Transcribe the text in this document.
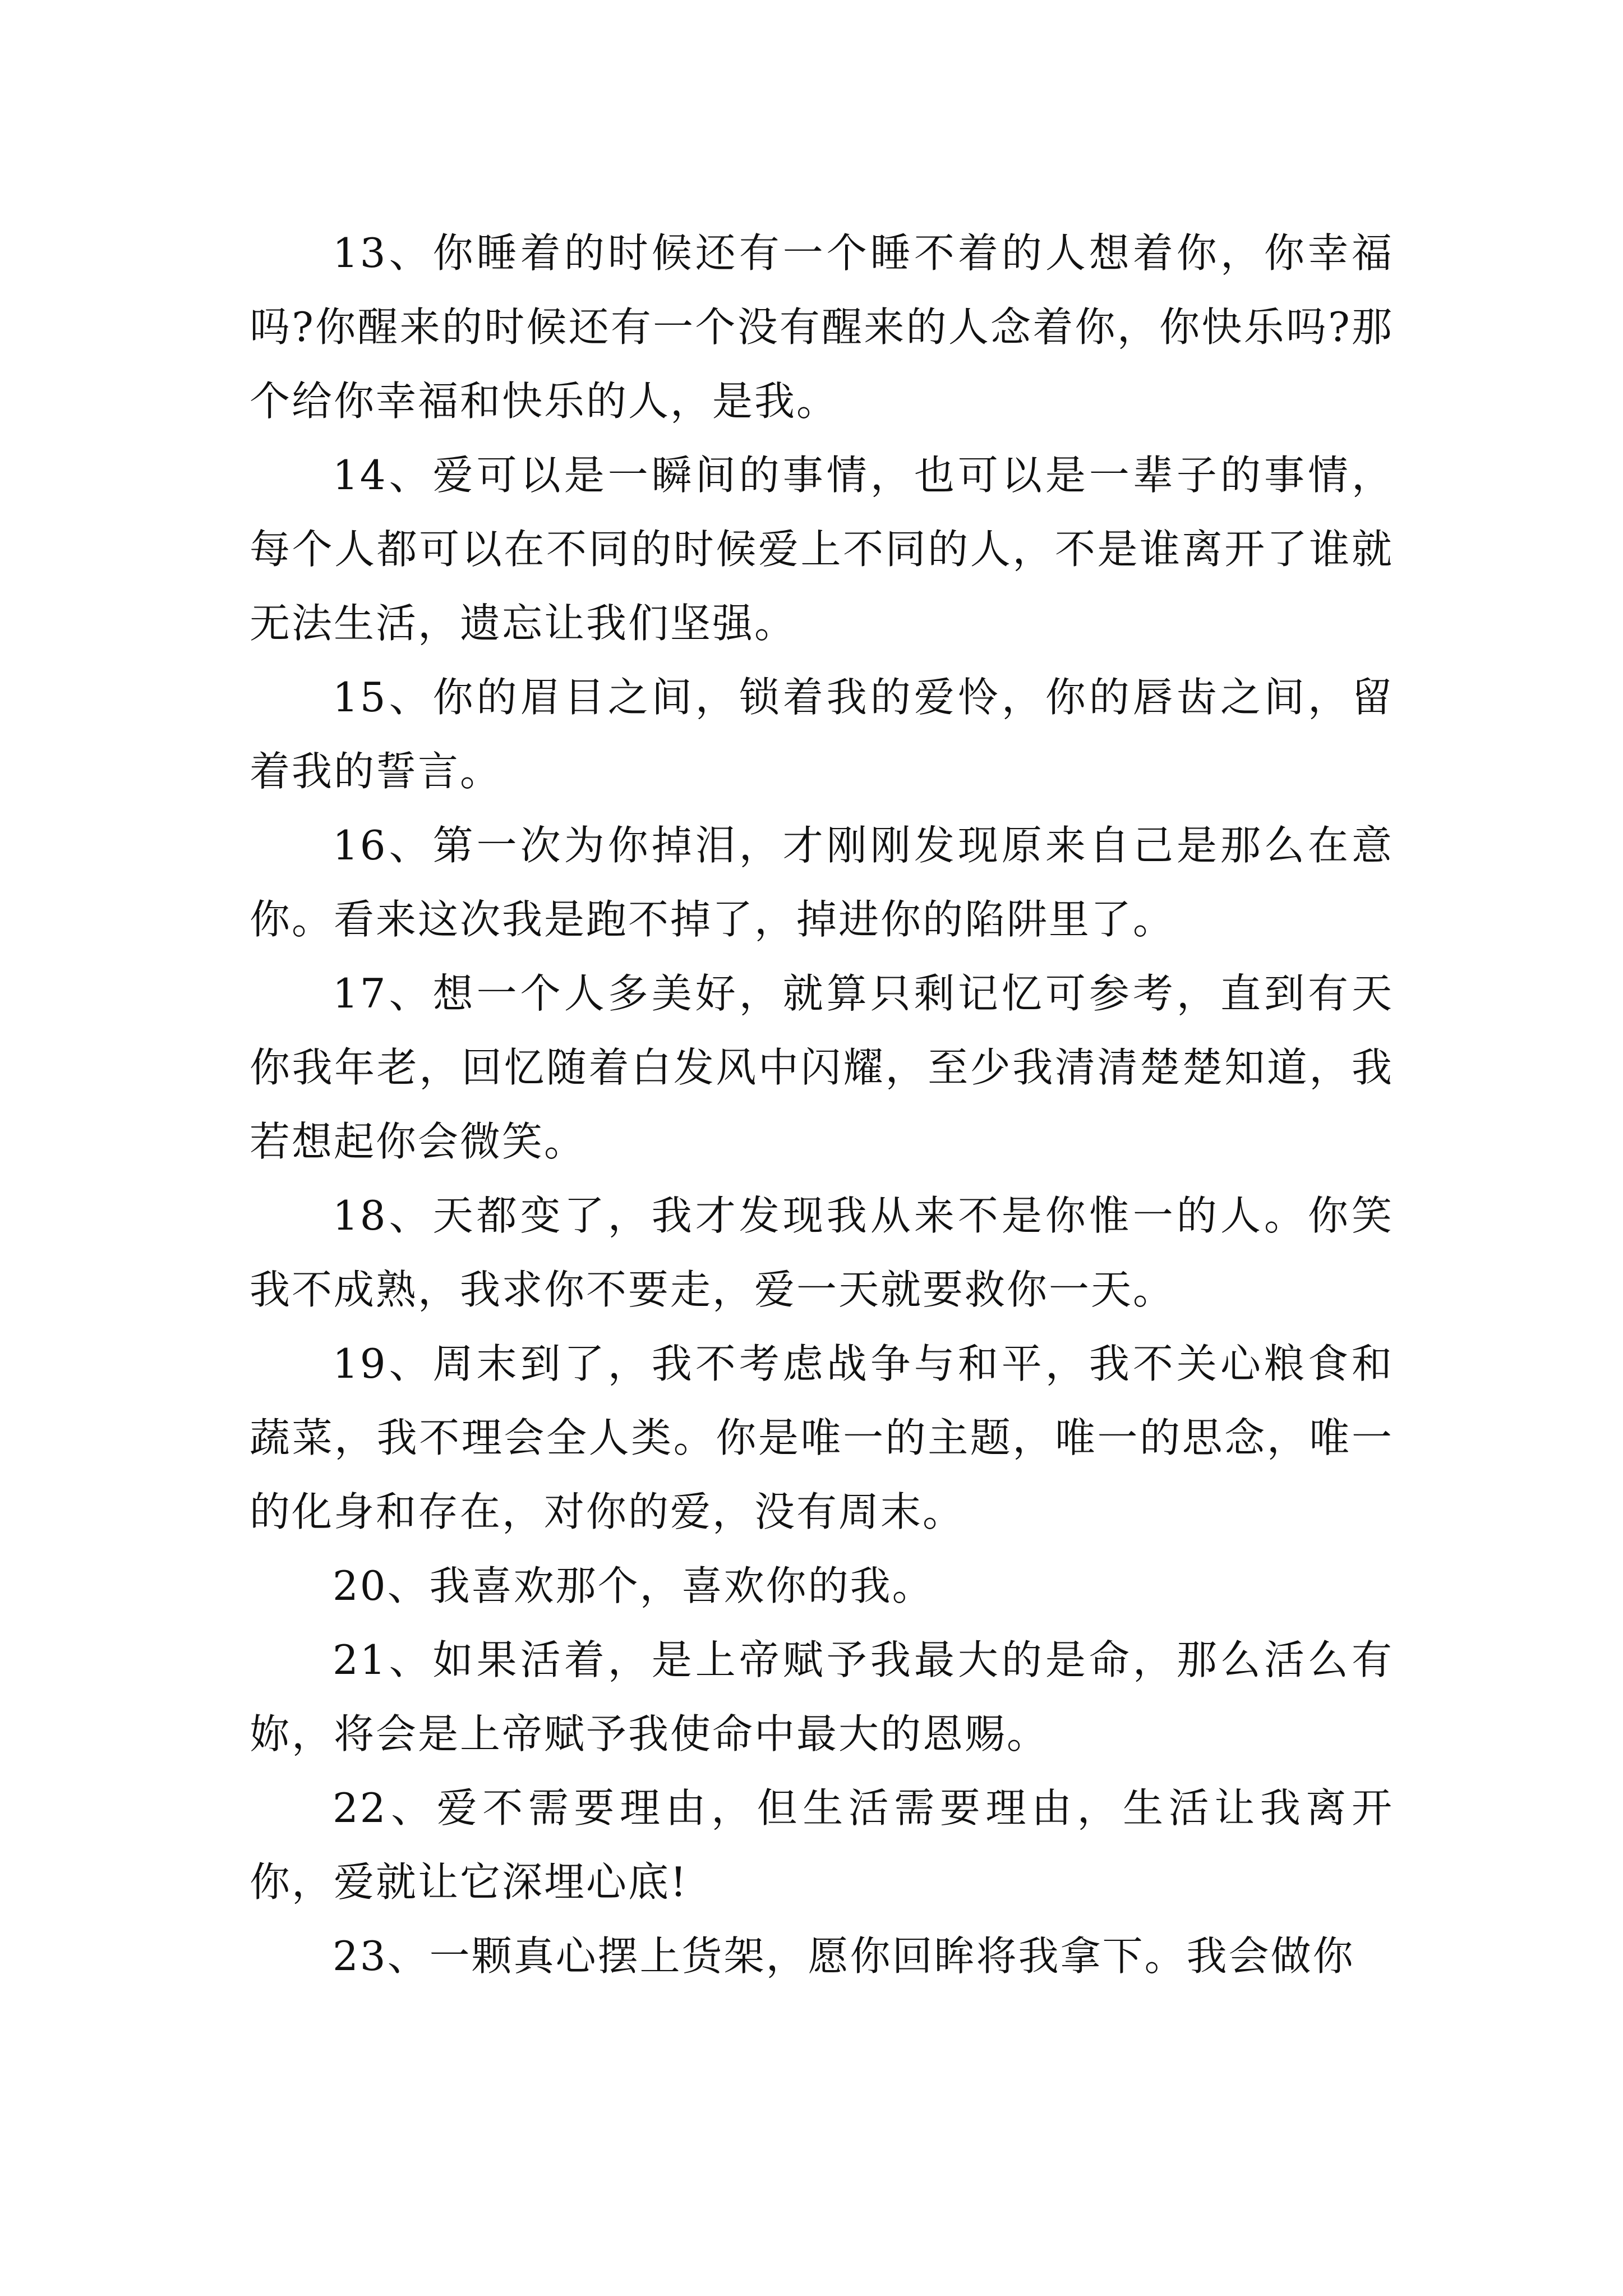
13、你睡着的时候还有一个睡不着的人想着你，你幸福吗?你醒来的时候还有一个没有醒来的人念着你，你快乐吗?那个给你幸福和快乐的人，是我。

14、爱可以是一瞬间的事情，也可以是一辈子的事情，每个人都可以在不同的时候爱上不同的人，不是谁离开了谁就无法生活，遗忘让我们坚强。

15、你的眉目之间，锁着我的爱怜，你的唇齿之间，留着我的誓言。

16、第一次为你掉泪，才刚刚发现原来自己是那么在意你。看来这次我是跑不掉了，掉进你的陷阱里了。

17、想一个人多美好，就算只剩记忆可参考，直到有天你我年老，回忆随着白发风中闪耀，至少我清清楚楚知道，我若想起你会微笑。

18、天都变了，我才发现我从来不是你惟一的人。你笑我不成熟，我求你不要走，爱一天就要救你一天。

19、周末到了，我不考虑战争与和平，我不关心粮食和蔬菜，我不理会全人类。你是唯一的主题，唯一的思念，唯一的化身和存在，对你的爱，没有周末。

20、我喜欢那个，喜欢你的我。

21、如果活着，是上帝赋予我最大的是命，那么活么有妳，将会是上帝赋予我使命中最大的恩赐。

22、爱不需要理由，但生活需要理由，生活让我离开你，爱就让它深埋心底!

23、一颗真心摆上货架，愿你回眸将我拿下。我会做你
